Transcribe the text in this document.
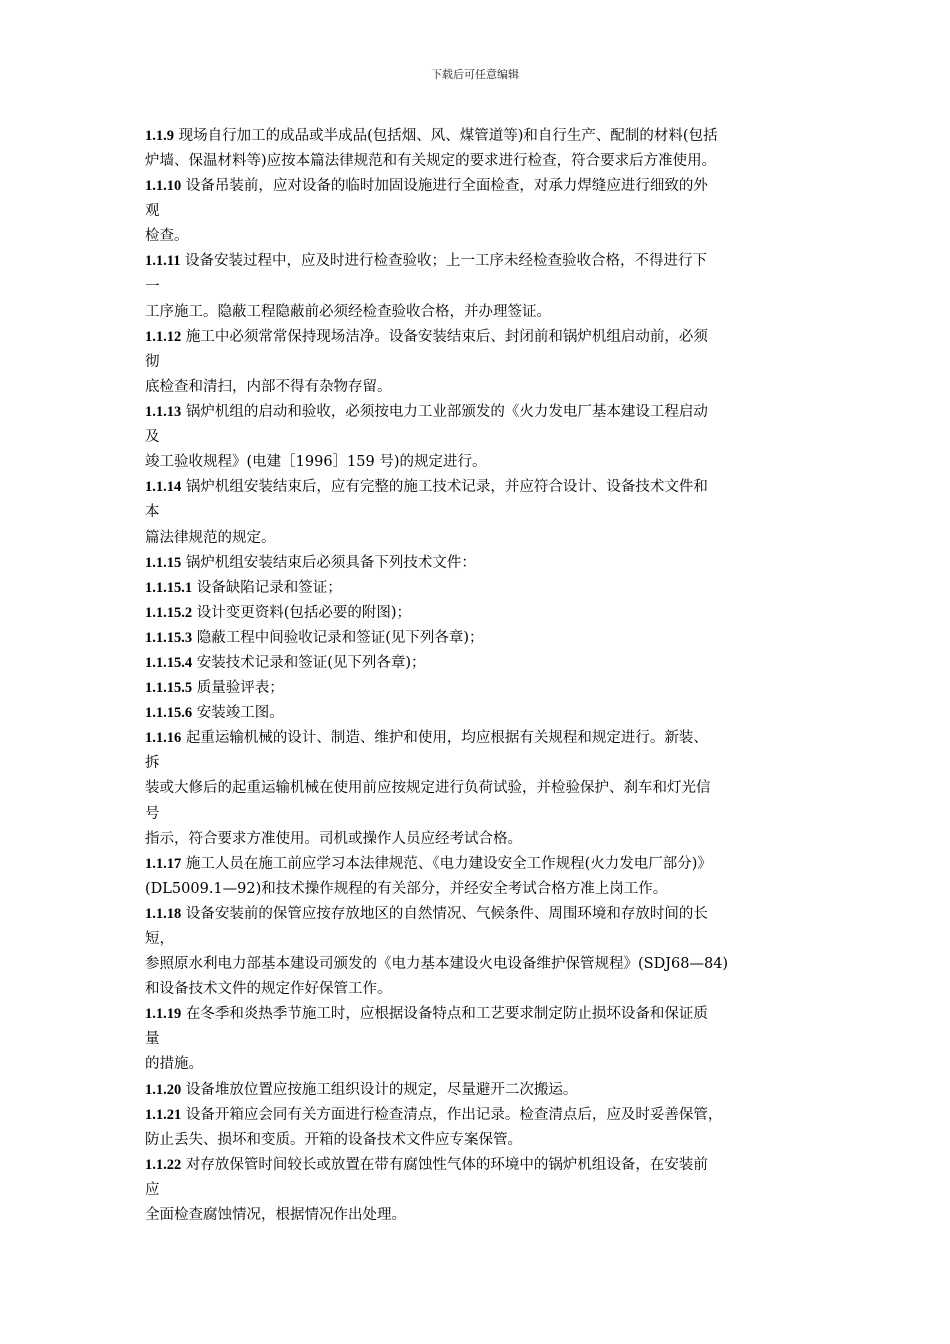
下载后可任意编辑
1.1.9 现场自行加工的成品或半成品(包括烟、风、煤管道等)和自行生产、配制的材料(包括
炉墙、保温材料等)应按本篇法律规范和有关规定的要求进行检查，符合要求后方准使用。
1.1.10 设备吊装前，应对设备的临时加固设施进行全面检查，对承力焊缝应进行细致的外
观
检查。
1.1.11 设备安装过程中，应及时进行检查验收；上一工序未经检查验收合格，不得进行下
一
工序施工。隐蔽工程隐蔽前必须经检查验收合格，并办理签证。
1.1.12 施工中必须常常保持现场洁净。设备安装结束后、封闭前和锅炉机组启动前，必须
彻
底检查和清扫，内部不得有杂物存留。
1.1.13 锅炉机组的启动和验收，必须按电力工业部颁发的《火力发电厂基本建设工程启动
及
竣工验收规程》(电建［1996］159 号)的规定进行。
1.1.14 锅炉机组安装结束后，应有完整的施工技术记录，并应符合设计、设备技术文件和
本
篇法律规范的规定。
1.1.15 锅炉机组安装结束后必须具备下列技术文件：
1.1.15.1 设备缺陷记录和签证；
1.1.15.2 设计变更资料(包括必要的附图)；
1.1.15.3 隐蔽工程中间验收记录和签证(见下列各章)；
1.1.15.4 安装技术记录和签证(见下列各章)；
1.1.15.5 质量验评表；
1.1.15.6 安装竣工图。
1.1.16 起重运输机械的设计、制造、维护和使用，均应根据有关规程和规定进行。新装、
拆
装或大修后的起重运输机械在使用前应按规定进行负荷试验，并检验保护、刹车和灯光信
号
指示，符合要求方准使用。司机或操作人员应经考试合格。
1.1.17 施工人员在施工前应学习本法律规范、《电力建设安全工作规程(火力发电厂部分)》
(DL5009.1—92)和技术操作规程的有关部分，并经安全考试合格方准上岗工作。
1.1.18 设备安装前的保管应按存放地区的自然情况、气候条件、周围环境和存放时间的长
短，
参照原水利电力部基本建设司颁发的《电力基本建设火电设备维护保管规程》(SDJ68—84)
和设备技术文件的规定作好保管工作。
1.1.19 在冬季和炎热季节施工时，应根据设备特点和工艺要求制定防止损坏设备和保证质
量
的措施。
1.1.20 设备堆放位置应按施工组织设计的规定，尽量避开二次搬运。
1.1.21 设备开箱应会同有关方面进行检查清点，作出记录。检查清点后，应及时妥善保管，
防止丢失、损坏和变质。开箱的设备技术文件应专案保管。
1.1.22 对存放保管时间较长或放置在带有腐蚀性气体的环境中的锅炉机组设备，在安装前
应
全面检查腐蚀情况，根据情况作出处理。
